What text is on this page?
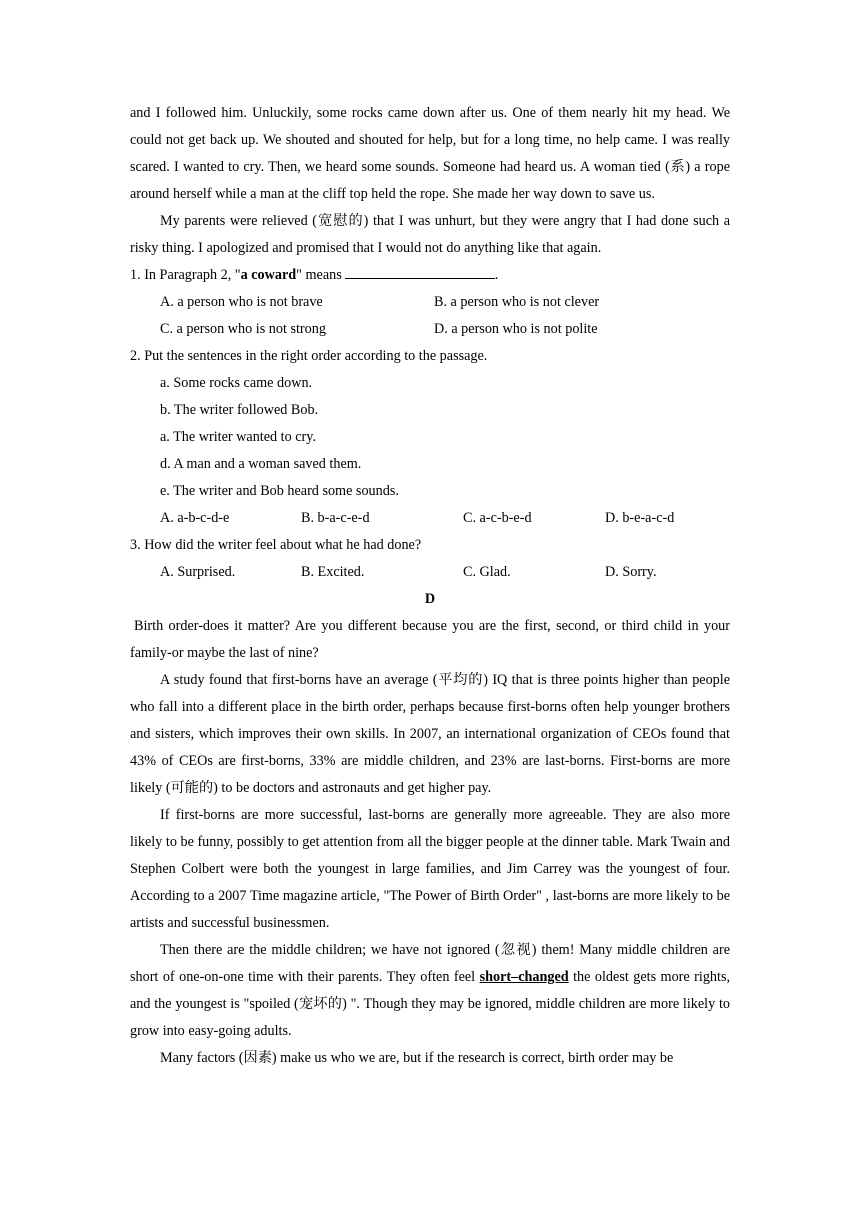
and I followed him. Unluckily, some rocks came down after us. One of them nearly hit my head. We could not get back up. We shouted and shouted for help, but for a long time, no help came. I was really scared. I wanted to cry. Then, we heard some sounds. Someone had heard us. A woman tied (系) a rope around herself while a man at the cliff top held the rope. She made her way down to save us.

My parents were relieved (宽慰的) that I was unhurt, but they were angry that I had done such a risky thing. I apologized and promised that I would not do anything like that again.

1. In Paragraph 2, "a coward" means	.

A. a person who is not brave	B. a person who is not clever
C. a person who is not strong	D. a person who is not polite

2. Put the sentences in the right order according to the passage.

a. Some rocks came down.

b. The writer followed Bob.

a. The writer wanted to cry.

d. A man and a woman saved them.

e. The writer and Bob heard some sounds.

A. a-b-c-d-e	B. b-a-c-e-d	C. a-c-b-e-d	D. b-e-a-c-d

3. How did the writer feel about what he had done?

A. Surprised.	B. Excited.	C. Glad.	D. Sorry.

D

Birth order-does it matter? Are you different because you are the first, second, or third child in your family-or maybe the last of nine?

A study found that first-borns have an average (平均的) IQ that is three points higher than people who fall into a different place in the birth order, perhaps because first-borns often help younger brothers and sisters, which improves their own skills. In 2007, an international organization of CEOs found that 43% of CEOs are first-borns, 33% are middle children, and 23% are last-borns. First-borns are more likely (可能的) to be doctors and astronauts and get higher pay.

If first-borns are more successful, last-borns are generally more agreeable. They are also more likely to be funny, possibly to get attention from all the bigger people at the dinner table. Mark Twain and Stephen Colbert were both the youngest in large families, and Jim Carrey was the youngest of four. According to a 2007 Time magazine article, "The Power of Birth Order" , last-borns are more likely to be artists and successful businessmen.

Then there are the middle children; we have not ignored (忽视) them! Many middle children are short of one-on-one time with their parents. They often feel short–changed the oldest gets more rights, and the youngest is "spoiled (宠坏的) ". Though they may be ignored, middle children are more likely to grow into easy-going adults.

Many factors (因素) make us who we are, but if the research is correct, birth order may be
